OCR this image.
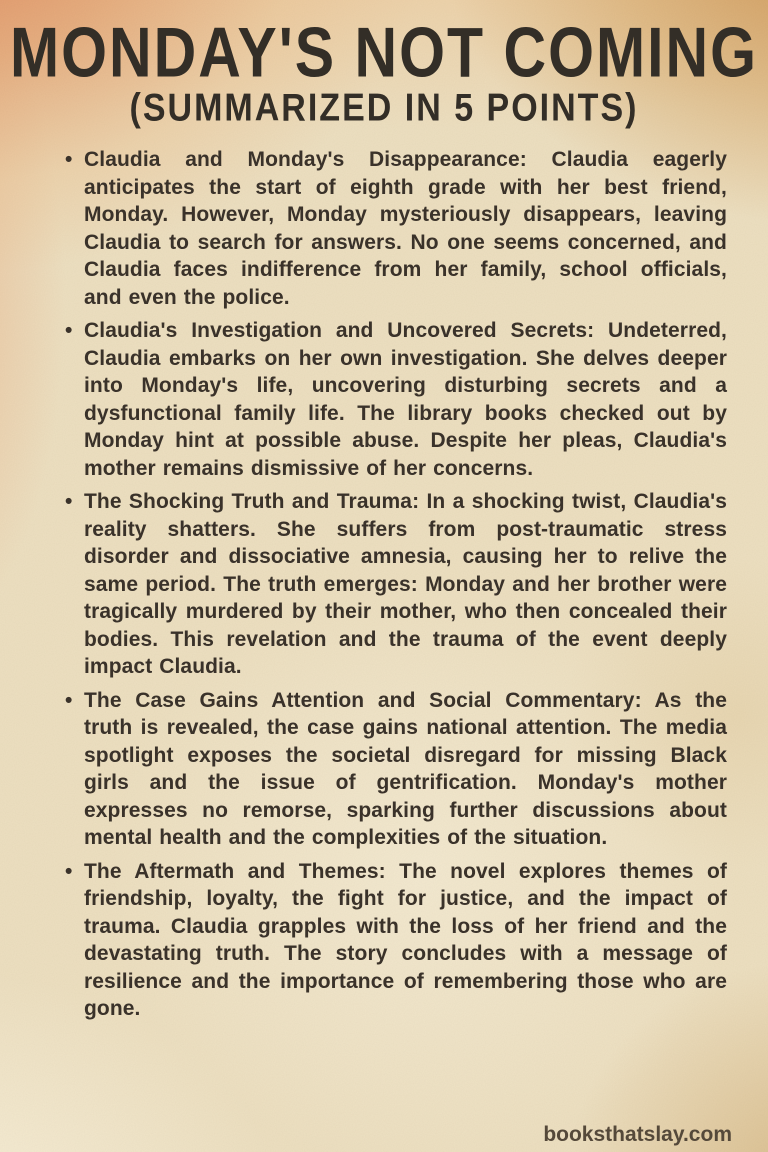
MONDAY'S NOT COMING
(SUMMARIZED IN 5 POINTS)
• Claudia and Monday's Disappearance: Claudia eagerly anticipates the start of eighth grade with her best friend, Monday. However, Monday mysteriously disappears, leaving Claudia to search for answers. No one seems concerned, and Claudia faces indifference from her family, school officials, and even the police.
• Claudia's Investigation and Uncovered Secrets: Undeterred, Claudia embarks on her own investigation. She delves deeper into Monday's life, uncovering disturbing secrets and a dysfunctional family life. The library books checked out by Monday hint at possible abuse. Despite her pleas, Claudia's mother remains dismissive of her concerns.
• The Shocking Truth and Trauma: In a shocking twist, Claudia's reality shatters. She suffers from post-traumatic stress disorder and dissociative amnesia, causing her to relive the same period. The truth emerges: Monday and her brother were tragically murdered by their mother, who then concealed their bodies. This revelation and the trauma of the event deeply impact Claudia.
• The Case Gains Attention and Social Commentary: As the truth is revealed, the case gains national attention. The media spotlight exposes the societal disregard for missing Black girls and the issue of gentrification. Monday's mother expresses no remorse, sparking further discussions about mental health and the complexities of the situation.
• The Aftermath and Themes: The novel explores themes of friendship, loyalty, the fight for justice, and the impact of trauma. Claudia grapples with the loss of her friend and the devastating truth. The story concludes with a message of resilience and the importance of remembering those who are gone.
booksthatslay.com
